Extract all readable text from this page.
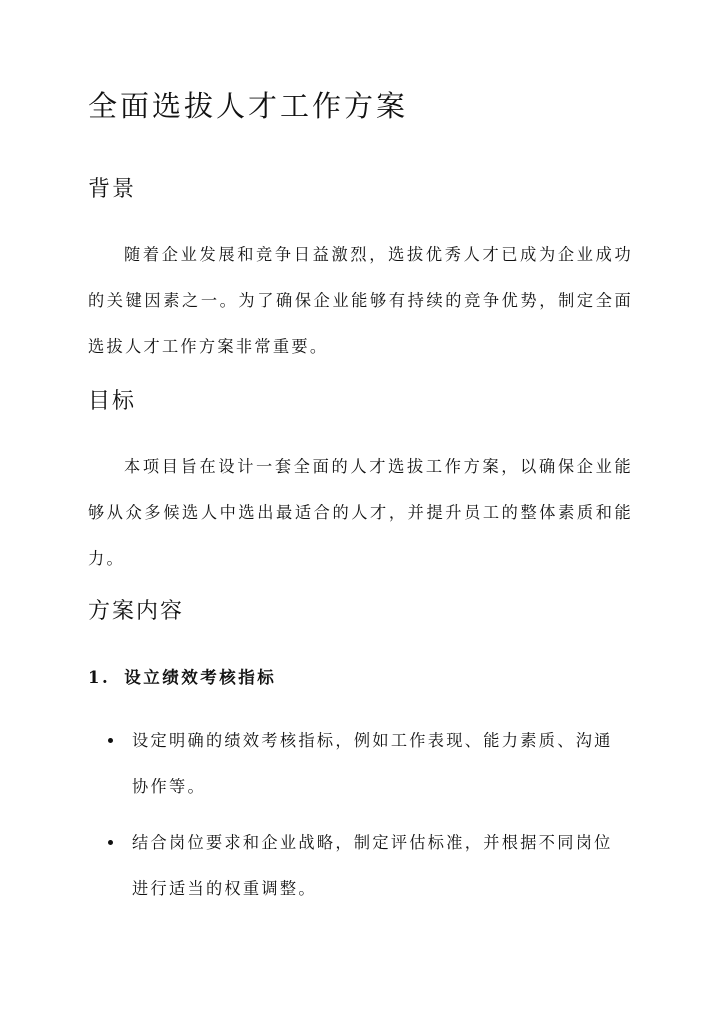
全面选拔人才工作方案
背景

随着企业发展和竞争日益激烈，选拔优秀人才已成为企业成功的关键因素之一。为了确保企业能够有持续的竞争优势，制定全面选拔人才工作方案非常重要。

目标

本项目旨在设计一套全面的人才选拔工作方案，以确保企业能够从众多候选人中选出最适合的人才，并提升员工的整体素质和能力。

方案内容
1. 设立绩效考核指标
设定明确的绩效考核指标，例如工作表现、能力素质、沟通协作等。
结合岗位要求和企业战略，制定评估标准，并根据不同岗位进行适当的权重调整。
